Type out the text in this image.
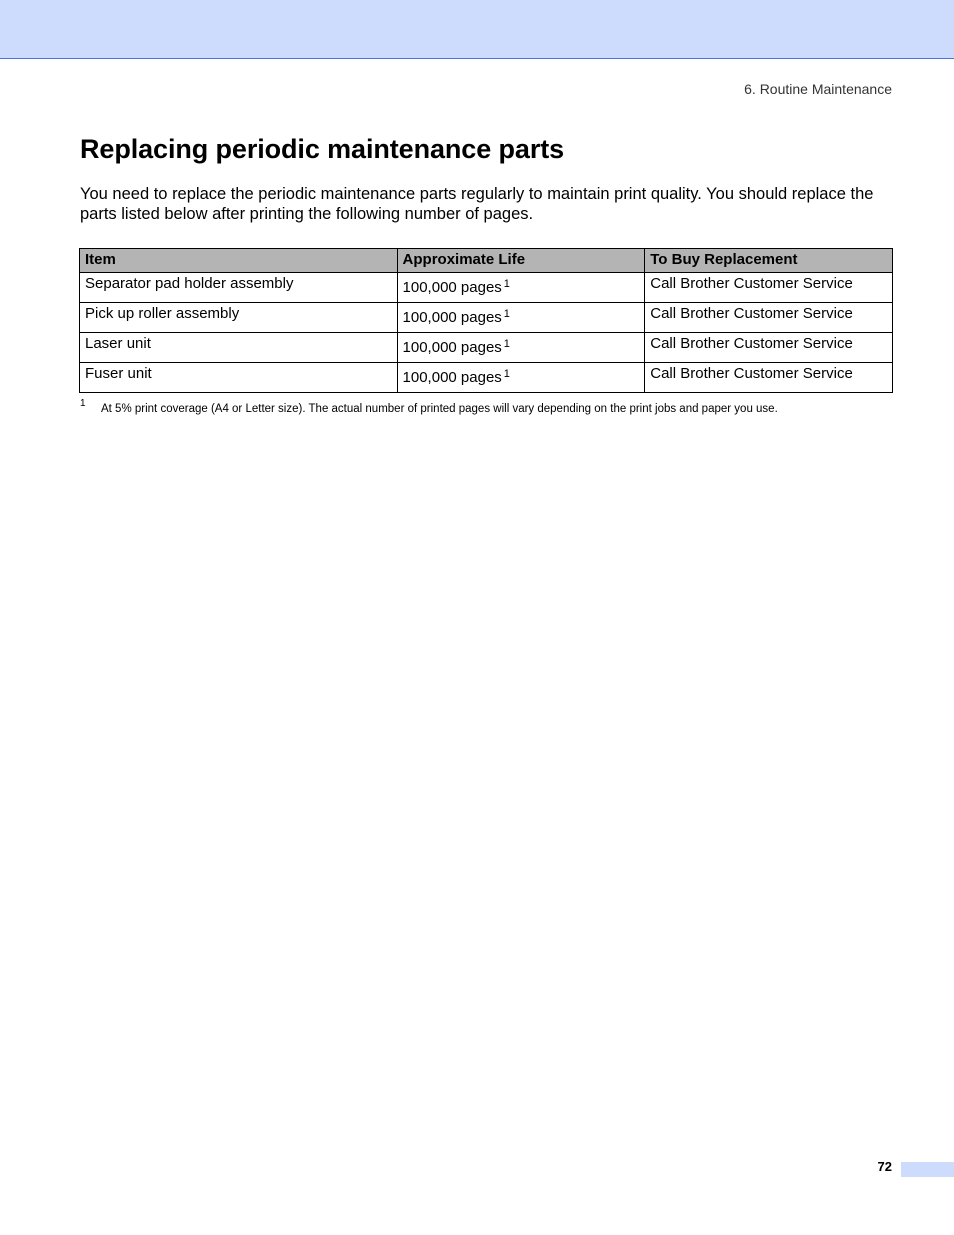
6. Routine Maintenance
Replacing periodic maintenance parts

You need to replace the periodic maintenance parts regularly to maintain print quality. You should replace the parts listed below after printing the following number of pages.

Item	Approximate Life	To Buy Replacement
Separator pad holder assembly	100,000 pages $^1$	Call Brother Customer Service
Pick up roller assembly	100,000 pages $^1$	Call Brother Customer Service
Laser unit	100,000 pages $^1$	Call Brother Customer Service
Fuser unit	100,000 pages $^1$	Call Brother Customer Service
1 At 5% print coverage (A4 or Letter size). The actual number of printed pages will vary depending on the print jobs and paper you use.
72
